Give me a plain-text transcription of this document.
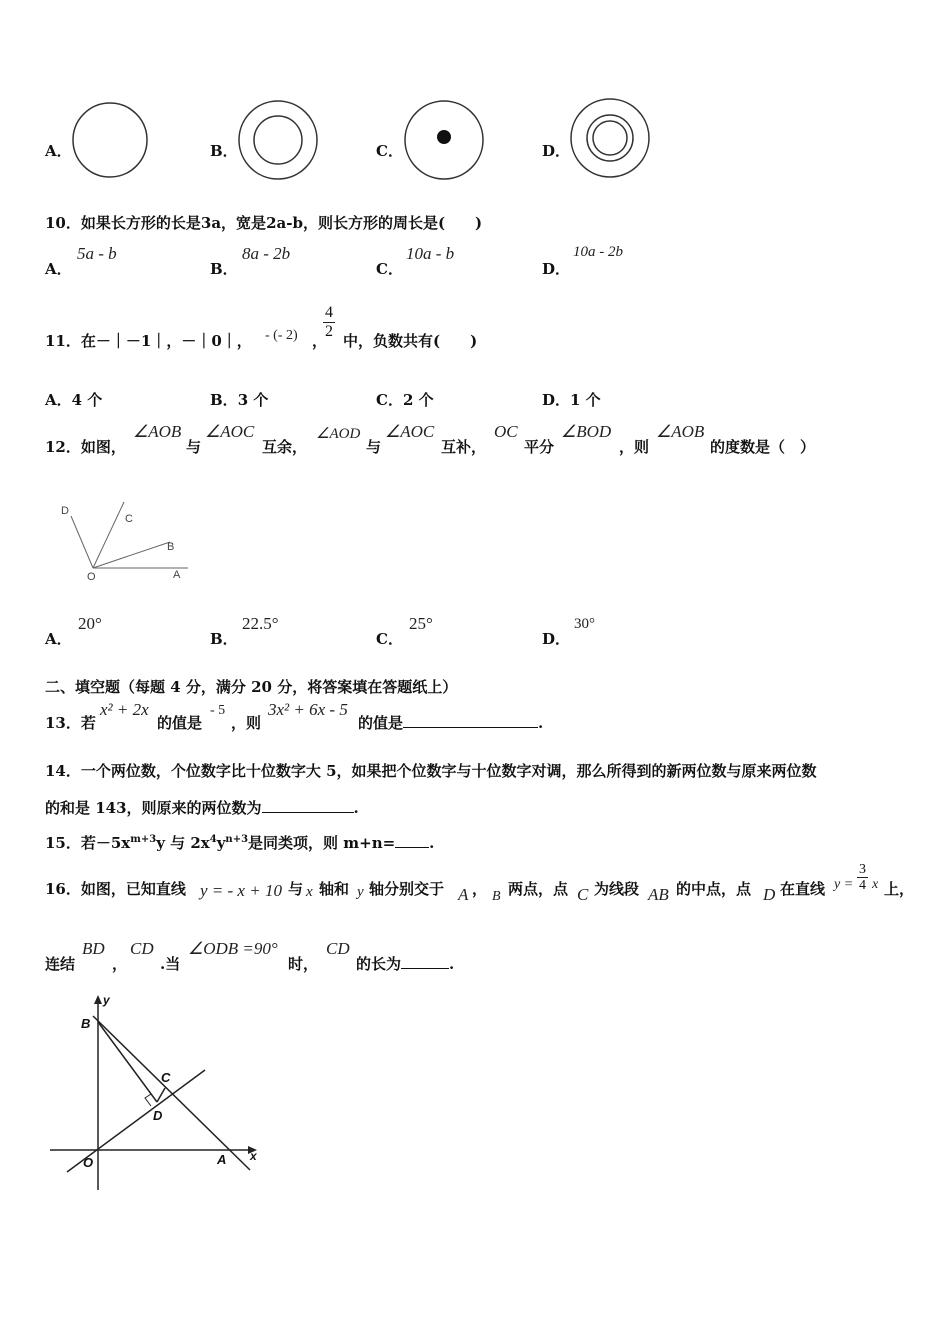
A．	B．	C．	D．
10．如果长方形的长是3a，宽是2a-b，则长方形的周长是(　　)
A．
5a - b
B．
8a - 2b
C．
10a - b
D．
10a - 2b
11．在－｜－1｜，－｜0｜， - (- 2) ，
$\frac{4}{2}$ 中，负数共有(　　)
A．4 个	B．3 个	C．2 个	D．1 个
12．如图，
∠AOB
与
∠AOC
互余，
∠AOD
与
∠AOC
互补，
OC
平分
∠BOD
，则
∠AOB
的度数是（　）
D
C
B
O	A
A．
20°
B．
22.5°
C．
25°
D．
30°
二、填空题（每题 4 分，满分 20 分，将答案填在答题纸上）
13．若
x² + 2x
的值是
- 5
，则
3x² + 6x - 5
的值是	.
14．一个两位数，个位数字比十位数字大 5，如果把个位数字与十位数字对调，那么所得到的新两位数与原来两位数
的和是 143，则原来的两位数为	.
15．若$-5x^{m+3}y$ 与 $2x^4y^{n+3}$是同类项，则 m+n= .
16．如图，已知直线 y = - x + 10 与 x 轴和 y 轴分别交于 A ， B 两点，点 C 为线段 AB 的中点，点 D 在直线 $y = \frac{3}{4}$ x 上，
连结
BD
，
CD
.当
∠ODB =90°
时，
CD
的长为	.
y
B
C
D
O	A x
